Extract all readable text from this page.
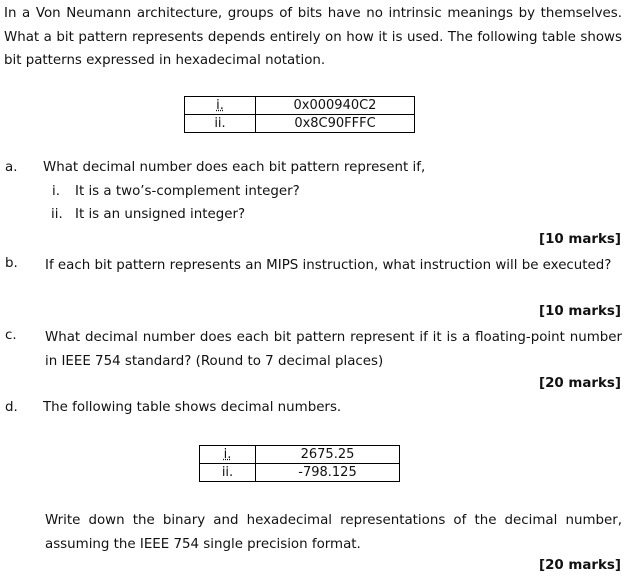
In a Von Neumann architecture, groups of bits have no intrinsic meanings by themselves. What a bit pattern represents depends entirely on how it is used. The following table shows bit patterns expressed in hexadecimal notation.

i.	0x000940C2
ii.	0x8C90FFFC
a. What decimal number does each bit pattern represent if,
i. It is a two’s-complement integer?
ii. It is an unsigned integer?
[10 marks]
b. If each bit pattern represents an MIPS instruction, what instruction will be executed?

[10 marks]
c. What decimal number does each bit pattern represent if it is a floating-point number in IEEE 754 standard? (Round to 7 decimal places)

[20 marks]
d. The following table shows decimal numbers.
i.	2675.25
ii.	-798.125

Write down the binary and hexadecimal representations of the decimal number, assuming the IEEE 754 single precision format.

[20 marks]
